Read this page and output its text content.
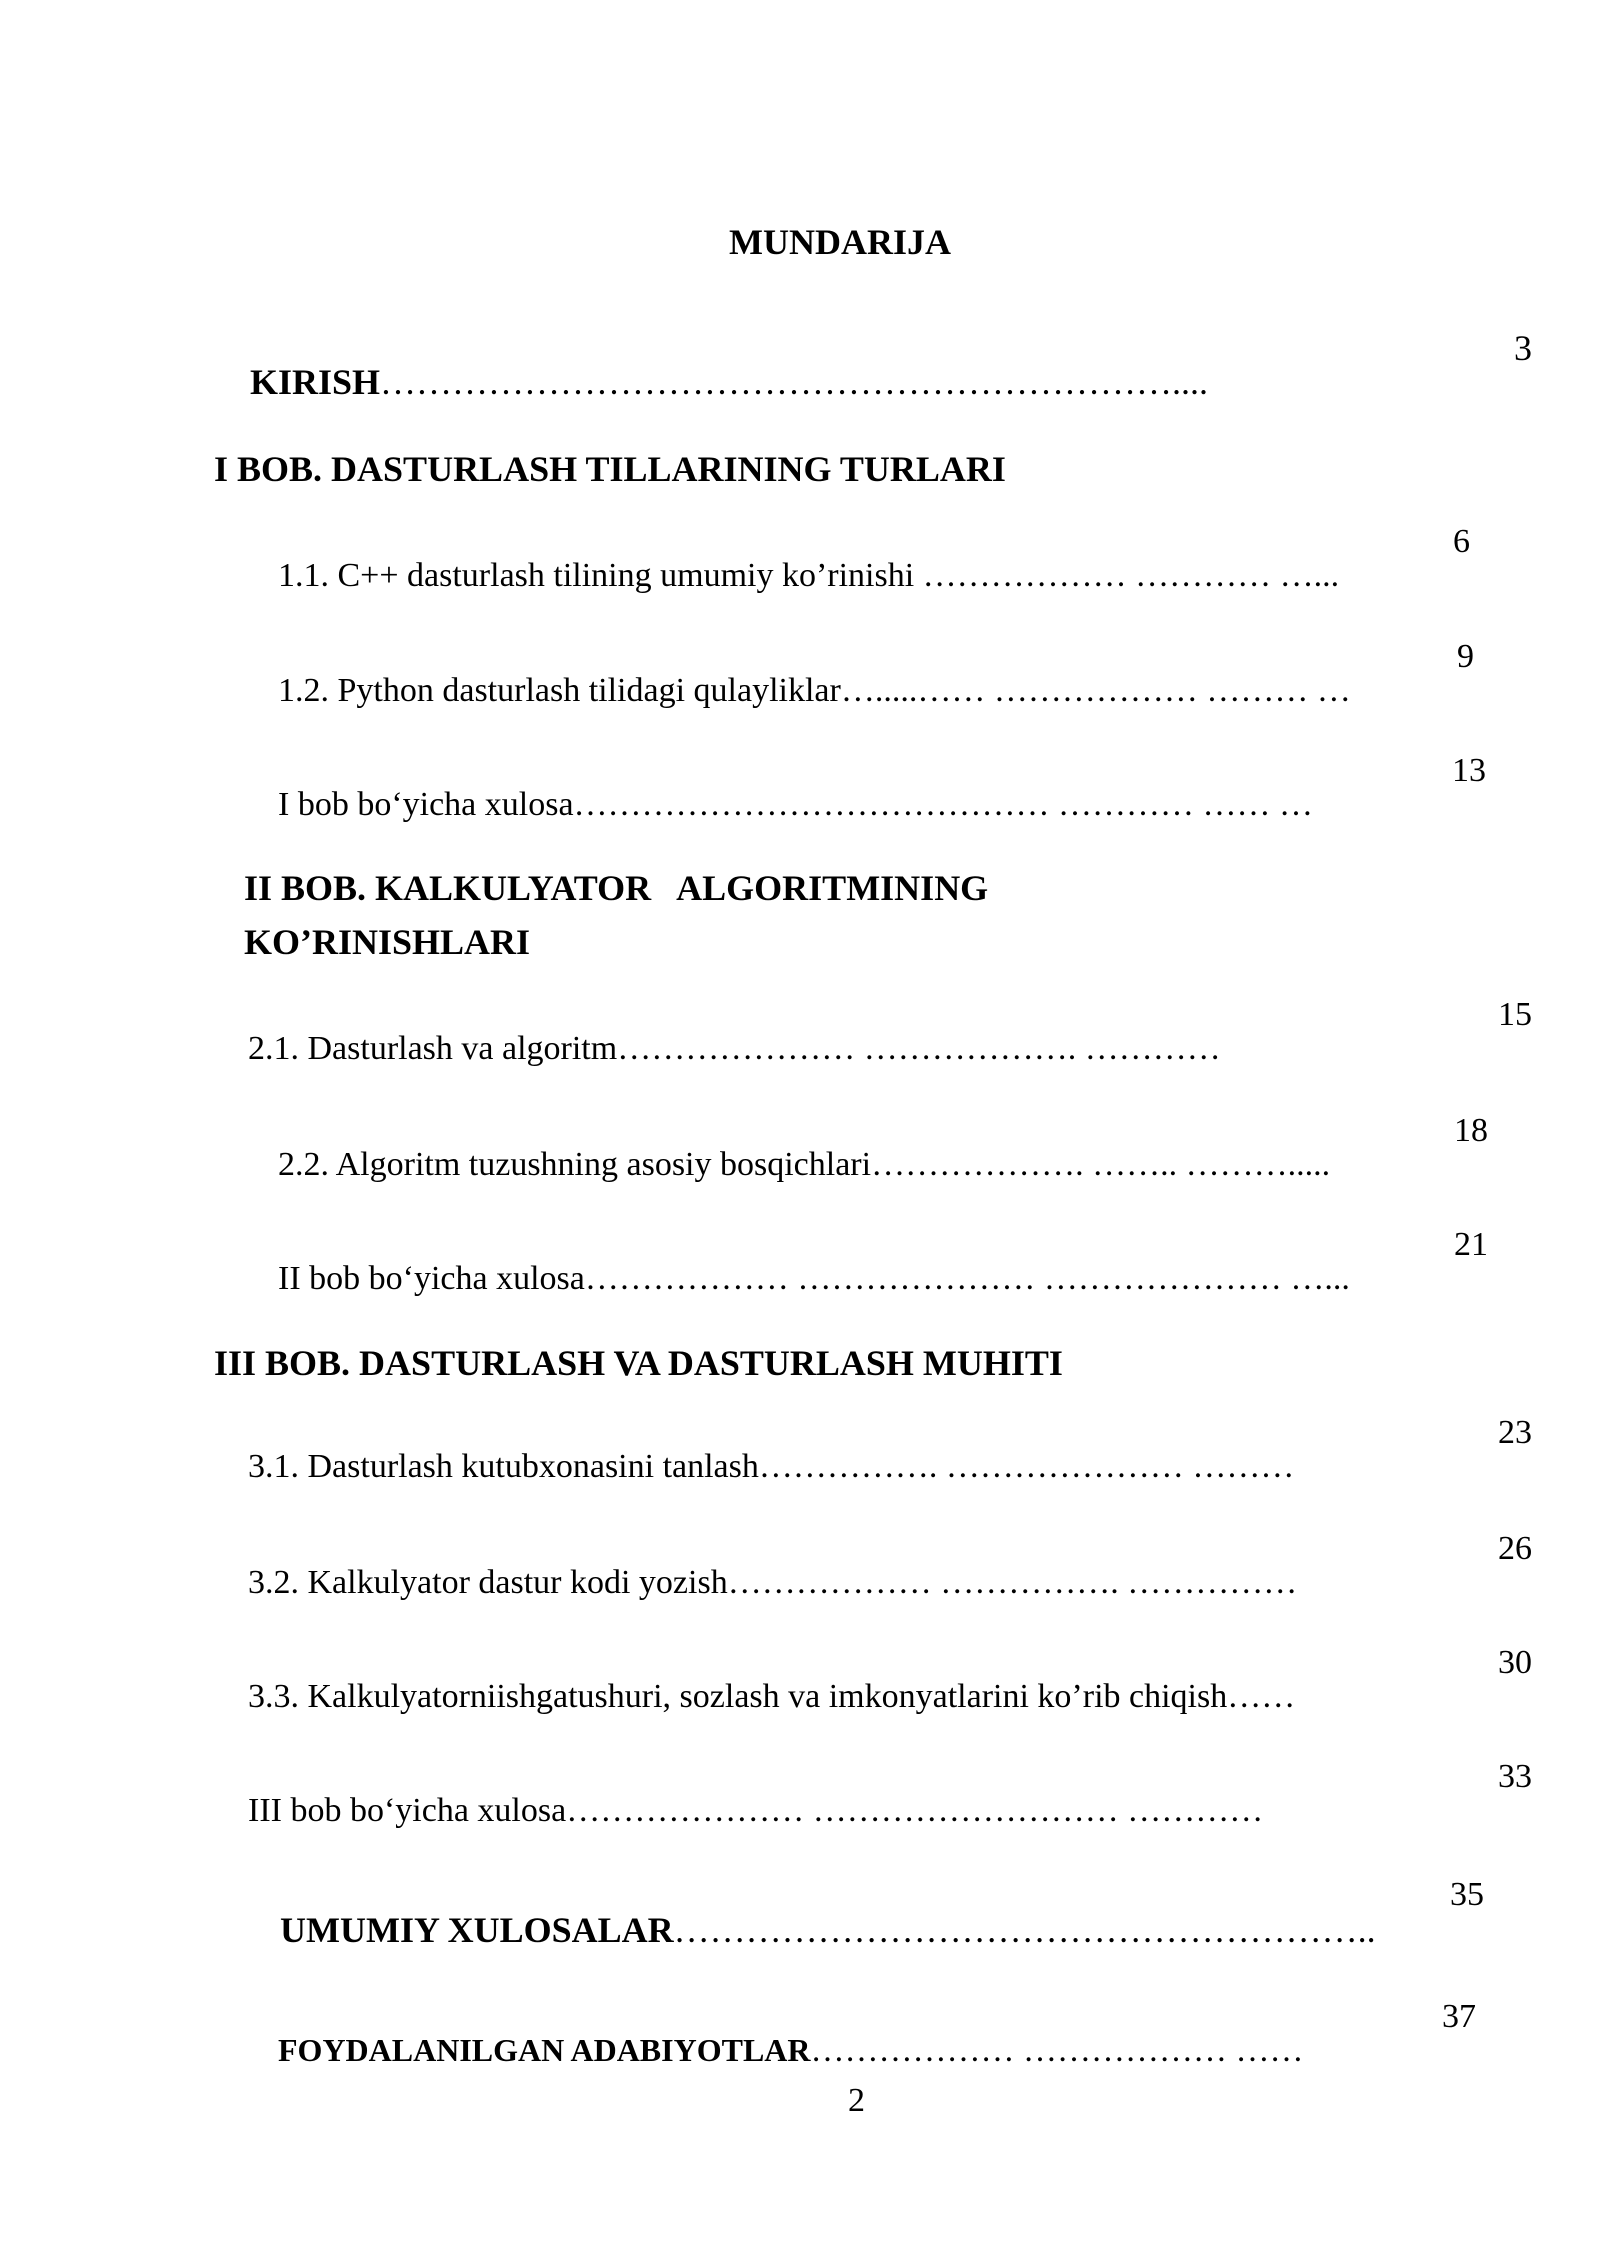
MUNDARIJA

KIRISH…………………………………………………………....

3
I BOB. DASTURLASH TILLARINING TURLARI

1.1. C++ dasturlash tilining umumiy ko’rinishi ……………… ………… …...

6

1.2. Python dasturlash tilidagi qulayliklar….....…… ……………… ……… …

9

I bob bo‘yicha xulosa…………………………………… ………… …… …

13
II BOB. KALKULYATOR   ALGORITMINING
KO’RINISHLARI

2.1. Dasturlash va algoritm………………… ………………. …………

15

2.2. Algoritm tuzushning asosiy bosqichlari………………. …….. ……….....

18

II bob bo‘yicha xulosa……………… ………………… ………………… …...

21
III BOB. DASTURLASH VA DASTURLASH MUHITI

3.1. Dasturlash kutubxonasini tanlash……………. ………………… ………

23

3.2. Kalkulyator dastur kodi yozish……………… ……………. ……………

26

3.3. Kalkulyatorniishgatushuri, sozlash va imkonyatlarini ko’rib chiqish……

30

III bob bo‘yicha xulosa………………… ……………………… …………

33

UMUMIY XULOSALAR…………………………………………………..

35

FOYDALANILGAN ADABIYOTLAR……………… ……………… ……

37
2
